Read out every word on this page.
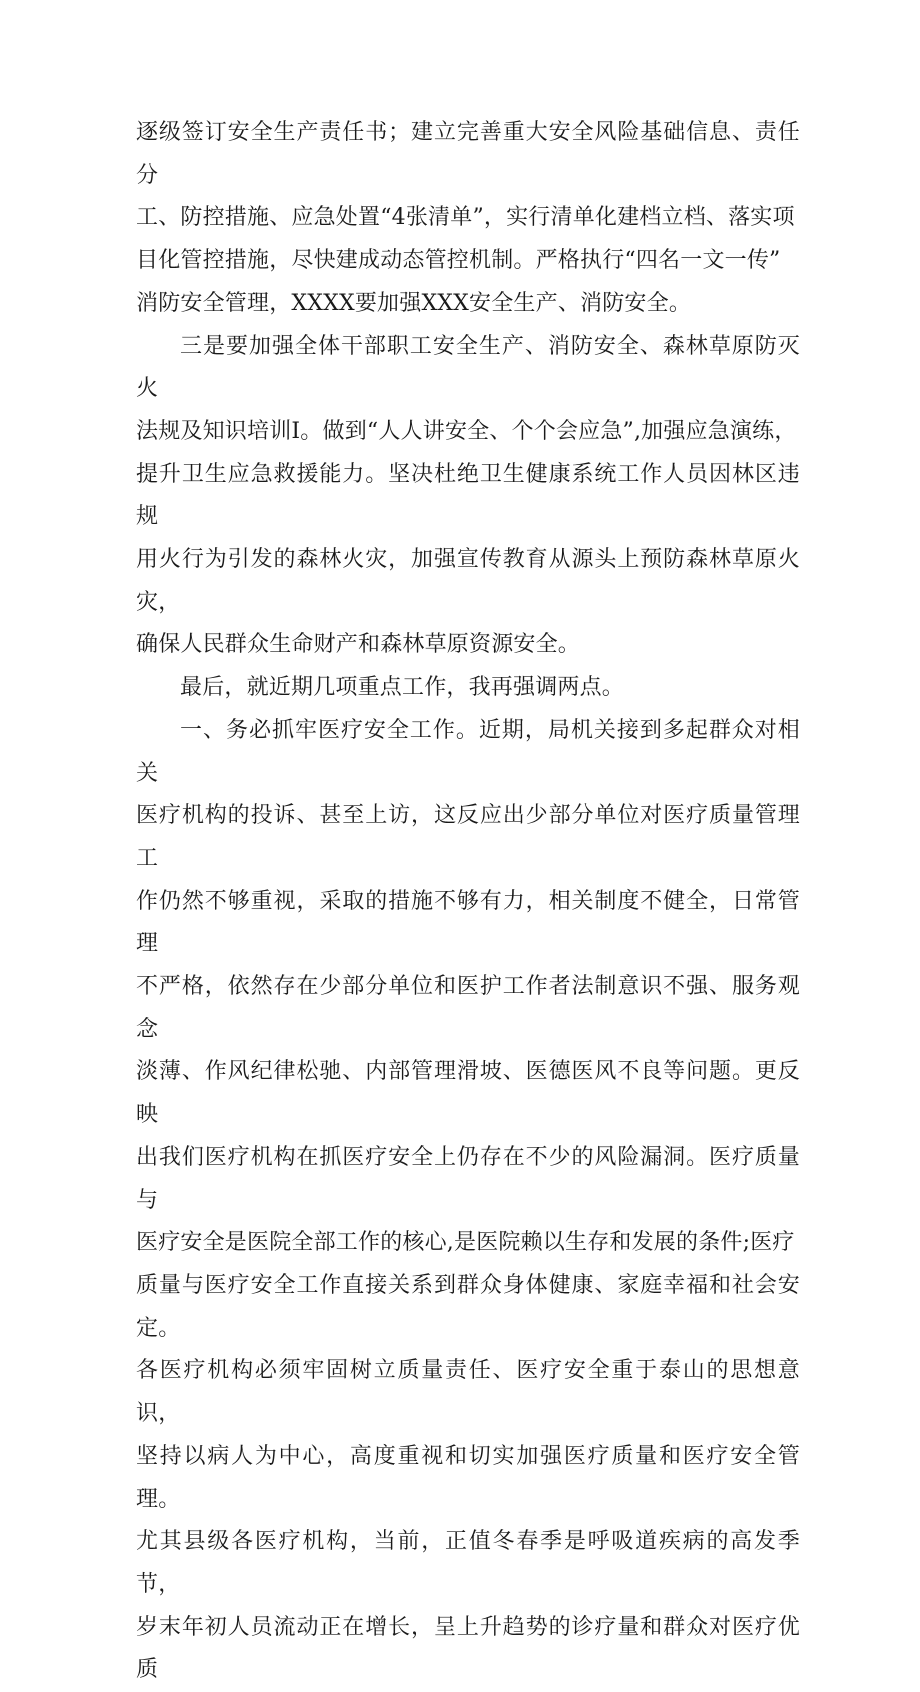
逐级签订安全生产责任书；建立完善重大安全风险基础信息、责任分
工、防控措施、应急处置“4张清单”，实行清单化建档立档、落实项
目化管控措施，尽快建成动态管控机制。严格执行“四名一文一传”
消防安全管理，XXXX要加强XXX安全生产、消防安全。

三是要加强全体干部职工安全生产、消防安全、森林草原防灭火
法规及知识培训I。做到“人人讲安全、个个会应急”,加强应急演练，
提升卫生应急救援能力。坚决杜绝卫生健康系统工作人员因林区违规
用火行为引发的森林火灾，加强宣传教育从源头上预防森林草原火灾，
确保人民群众生命财产和森林草原资源安全。

最后，就近期几项重点工作，我再强调两点。

一、务必抓牢医疗安全工作。近期，局机关接到多起群众对相关
医疗机构的投诉、甚至上访，这反应出少部分单位对医疗质量管理工
作仍然不够重视，采取的措施不够有力，相关制度不健全，日常管理
不严格，依然存在少部分单位和医护工作者法制意识不强、服务观念
淡薄、作风纪律松驰、内部管理滑坡、医德医风不良等问题。更反映
出我们医疗机构在抓医疗安全上仍存在不少的风险漏洞。医疗质量与
医疗安全是医院全部工作的核心,是医院赖以生存和发展的条件;医疗
质量与医疗安全工作直接关系到群众身体健康、家庭幸福和社会安定。
各医疗机构必须牢固树立质量责任、医疗安全重于泰山的思想意识，
坚持以病人为中心，高度重视和切实加强医疗质量和医疗安全管理。
尤其县级各医疗机构，当前，正值冬春季是呼吸道疾病的高发季节，
岁末年初人员流动正在增长，呈上升趋势的诊疗量和群众对医疗优质
